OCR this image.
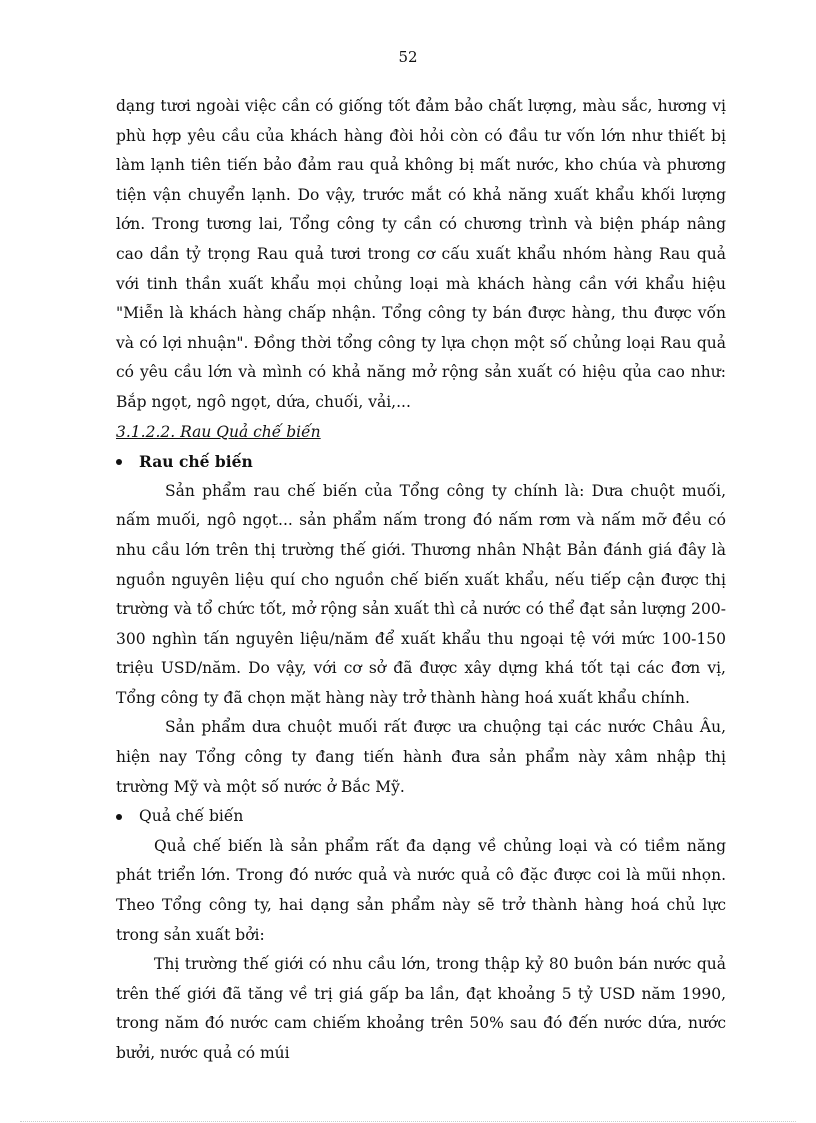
52

dạng tươi ngoài việc cần có giống tốt đảm bảo chất lượng, màu sắc, hương vị phù hợp yêu cầu của khách hàng đòi hỏi còn có đầu tư vốn lớn như thiết bị làm lạnh tiên tiến bảo đảm rau quả không bị mất nước, kho chúa và phương tiện vận chuyển lạnh. Do vậy, trước mắt có khả năng xuất khẩu khối lượng lớn. Trong tương lai, Tổng công ty cần có chương trình và biện pháp nâng cao dần tỷ trọng Rau quả tươi trong cơ cấu xuất khẩu nhóm hàng Rau quả với tinh thần xuất khẩu mọi chủng loại mà khách hàng cần với khẩu hiệu "Miễn là khách hàng chấp nhận. Tổng công ty bán được hàng, thu được vốn và có lợi nhuận". Đồng thời tổng công ty lựa chọn một số chủng loại Rau quả có yêu cầu lớn và mình có khả năng mở rộng sản xuất có hiệu qủa cao như: Bắp ngọt, ngô ngọt, dứa, chuối, vải,...

3.1.2.2. Rau Quả chế biến

Rau chế biến

Sản phẩm rau chế biến của Tổng công ty chính là: Dưa chuột muối, nấm muối, ngô ngọt... sản phẩm nấm trong đó nấm rơm và nấm mỡ đều có nhu cầu lớn trên thị trường thế giới. Thương nhân Nhật Bản đánh giá đây là nguồn nguyên liệu quí cho nguồn chế biến xuất khẩu, nếu tiếp cận được thị trường và tổ chức tốt, mở rộng sản xuất thì cả nước có thể đạt sản lượng 200-300 nghìn tấn nguyên liệu/năm để xuất khẩu thu ngoại tệ với mức 100-150 triệu USD/năm. Do vậy, với cơ sở đã được xây dựng khá tốt tại các đơn vị, Tổng công ty đã chọn mặt hàng này trở thành hàng hoá xuất khẩu chính.

Sản phẩm dưa chuột muối rất được ưa chuộng tại các nước Châu Âu, hiện nay Tổng công ty đang tiến hành đưa sản phẩm này xâm nhập thị trường Mỹ và một số nước ở Bắc Mỹ.

Quả chế biến

Quả chế biến là sản phẩm rất đa dạng về chủng loại và có tiềm năng phát triển lớn. Trong đó nước quả và nước quả cô đặc được coi là mũi nhọn. Theo Tổng công ty, hai dạng sản phẩm này sẽ trở thành hàng hoá chủ lực trong sản xuất bởi:

Thị trường thế giới có nhu cầu lớn, trong thập kỷ 80 buôn bán nước quả trên thế giới đã tăng về trị giá gấp ba lần, đạt khoảng 5 tỷ USD năm 1990, trong năm đó nước cam chiếm khoảng trên 50% sau đó đến nước dứa, nước bưởi, nước quả có múi
